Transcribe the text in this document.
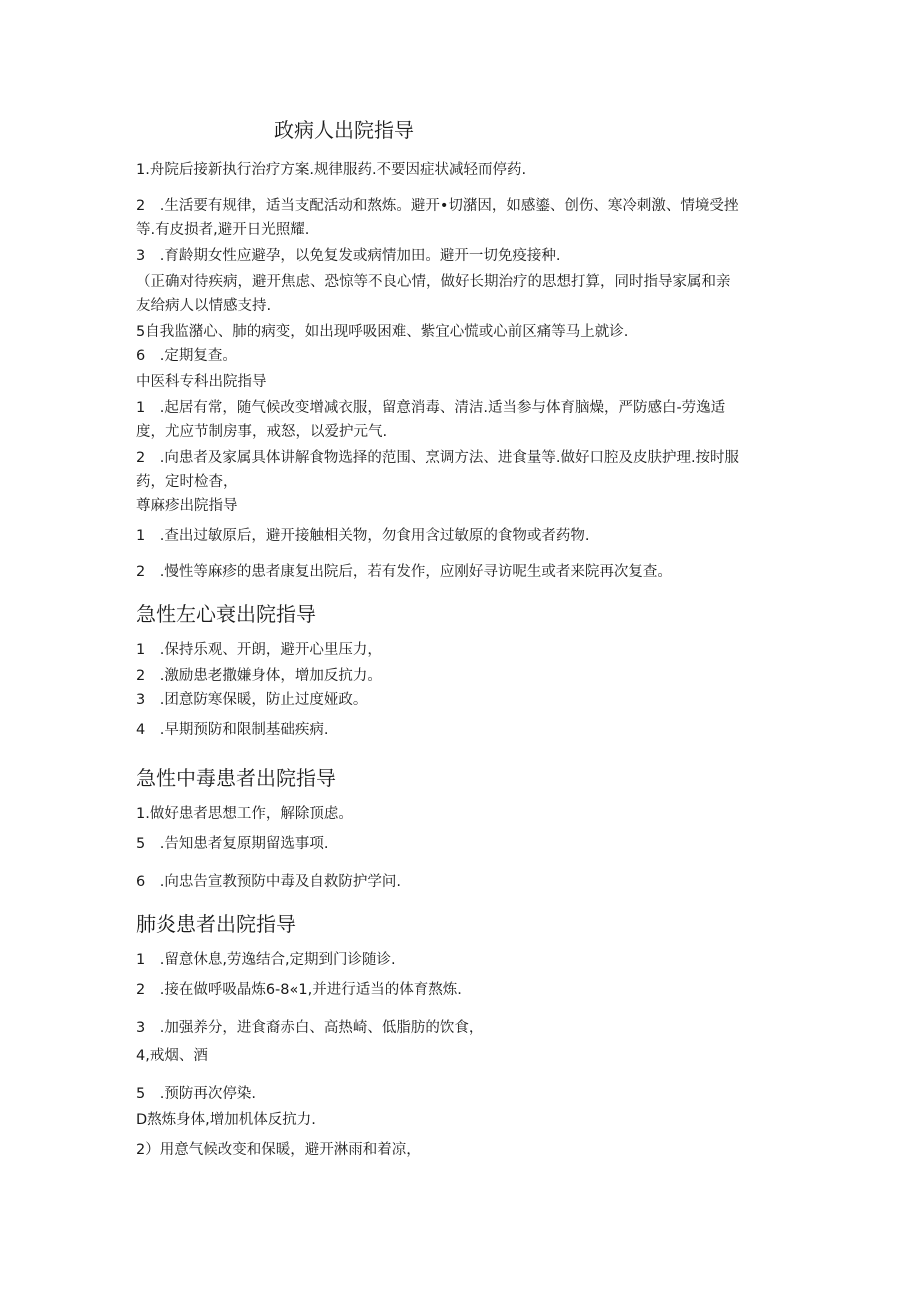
政病人出院指导
1.舟院后接新执行治疗方案.规律服药.不要因症状减轻而停药.
2　.生活要有规律，适当支配活动和熬炼。避开•切潴因，如感鎏、创伤、寒冷刺激、情境受挫
等.有皮损者,避开日光照耀.
3　.育龄期女性应避孕，以免复发或病情加田。避开一切免疫接种.
（正确对待疾病，避开焦虑、恐惊等不良心情，做好长期治疗的思想打算，同时指导家属和亲
友给病人以情感支持.
5自我监潴心、肺的病变，如出现呼吸困难、紫宜心慌或心前区痛等马上就诊.
6　.定期复查。
中医科专科出院指导
1　.起居有常，随气候改变增减衣服，留意消毒、清洁.适当参与体育脑燥，严防感白-劳逸适
度，尤应节制房事，戒怒，以爱护元气.
2　.向患者及家属具体讲解食物选择的范围、烹调方法、进食量等.做好口腔及皮肤护理.按时服
药，定时检杳，
尊麻疹出院指导
1　.查出过敏原后，避开接触相关物，勿食用含过敏原的食物或者药物.
2　.慢性等麻疹的患者康复出院后，若有发作，应刚好寻访呢生或者来院再次复查。
急性左心衰出院指导
1　.保持乐观、开朗，避开心里压力，
2　.激励患老撒嫌身体，增加反抗力。
3　.团意防寒保暖，防止过度娅政。
4　.早期预防和限制基础疾病.
急性中毒患者出院指导
1.做好患者思想工作，解除顶虑。
5　.告知患者复原期留选事项.
6　.向忠告宣教预防中毒及自救防护学问.
肺炎患者出院指导
1　.留意休息,劳逸结合,定期到门诊随诊.
2　.接在做呼吸晶炼6-8«1,并进行适当的体育熬炼.
3　.加强养分，进食裔赤白、高热崎、低脂肪的饮食，
4,戒烟、酒
5　.预防再次停染.
D熬炼身体,增加机体反抗力.
2）用意气候改变和保暖，避开淋雨和着凉，
